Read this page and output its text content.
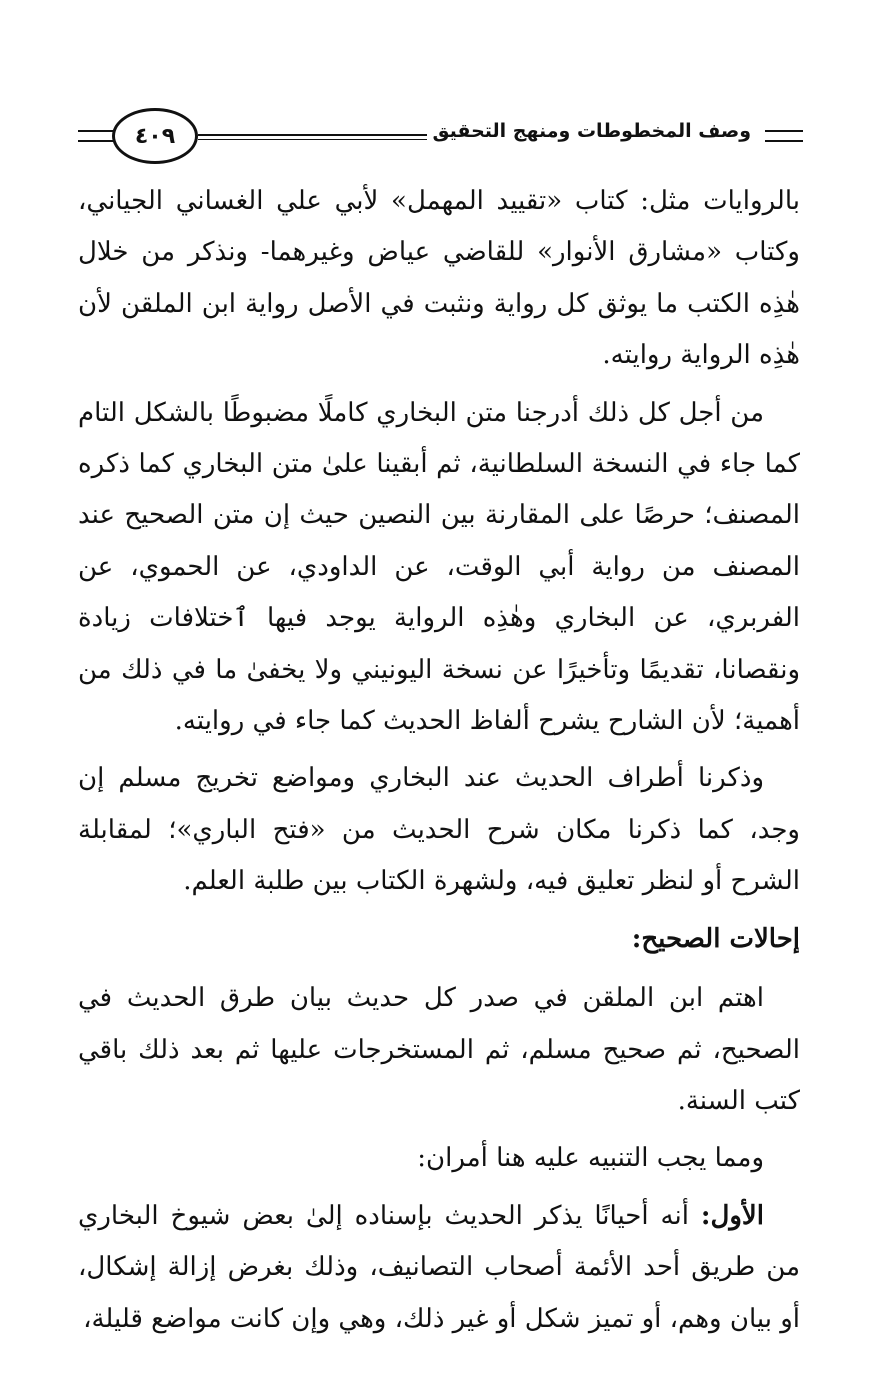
٤٠٩	وصف المخطوطات ومنهج التحقيق

بالروايات مثل: كتاب «تقييد المهمل» لأبي علي الغساني الجياني، وكتاب «مشارق الأنوار» للقاضي عياض وغيرهما- ونذكر من خلال هٰذِه الكتب ما يوثق كل رواية ونثبت في الأصل رواية ابن الملقن لأن هٰذِه الرواية روايته.

من أجل كل ذلك أدرجنا متن البخاري كاملًا مضبوطًا بالشكل التام كما جاء في النسخة السلطانية، ثم أبقينا علىٰ متن البخاري كما ذكره المصنف؛ حرصًا على المقارنة بين النصين حيث إن متن الصحيح عند المصنف من رواية أبي الوقت، عن الداودي، عن الحموي، عن الفربري، عن البخاري وهٰذِه الرواية يوجد فيها ٱختلافات زيادة ونقصانا، تقديمًا وتأخيرًا عن نسخة اليونيني ولا يخفىٰ ما في ذلك من أهمية؛ لأن الشارح يشرح ألفاظ الحديث كما جاء في روايته.

وذكرنا أطراف الحديث عند البخاري ومواضع تخريج مسلم إن وجد، كما ذكرنا مكان شرح الحديث من «فتح الباري»؛ لمقابلة الشرح أو لنظر تعليق فيه، ولشهرة الكتاب بين طلبة العلم.

إحالات الصحيح:

اهتم ابن الملقن في صدر كل حديث بيان طرق الحديث في الصحيح، ثم صحيح مسلم، ثم المستخرجات عليها ثم بعد ذلك باقي كتب السنة.

ومما يجب التنبيه عليه هنا أمران:

الأول: أنه أحيانًا يذكر الحديث بإسناده إلىٰ بعض شيوخ البخاري من طريق أحد الأئمة أصحاب التصانيف، وذلك بغرض إزالة إشكال، أو بيان وهم، أو تميز شكل أو غير ذلك، وهي وإن كانت مواضع قليلة،
